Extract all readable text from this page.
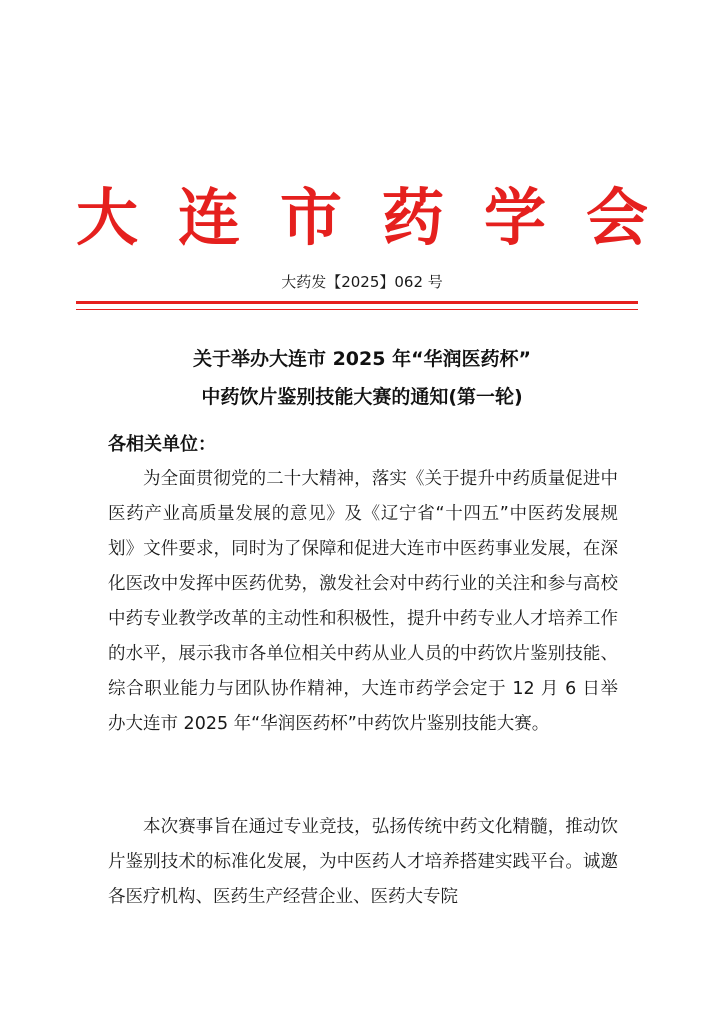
大连市药学会
大药发【2025】062 号
关于举办大连市 2025 年“华润医药杯”
中药饮片鉴别技能大赛的通知(第一轮)
各相关单位：

为全面贯彻党的二十大精神，落实《关于提升中药质量促进中医药产业高质量发展的意见》及《辽宁省“十四五”中医药发展规划》文件要求，同时为了保障和促进大连市中医药事业发展，在深化医改中发挥中医药优势，激发社会对中药行业的关注和参与高校中药专业教学改革的主动性和积极性，提升中药专业人才培养工作的水平，展示我市各单位相关中药从业人员的中药饮片鉴别技能、综合职业能力与团队协作精神，大连市药学会定于 12 月 6 日举办大连市 2025 年“华润医药杯”中药饮片鉴别技能大赛。

本次赛事旨在通过专业竞技，弘扬传统中药文化精髓，推动饮片鉴别技术的标准化发展，为中医药人才培养搭建实践平台。诚邀各医疗机构、医药生产经营企业、医药大专院
